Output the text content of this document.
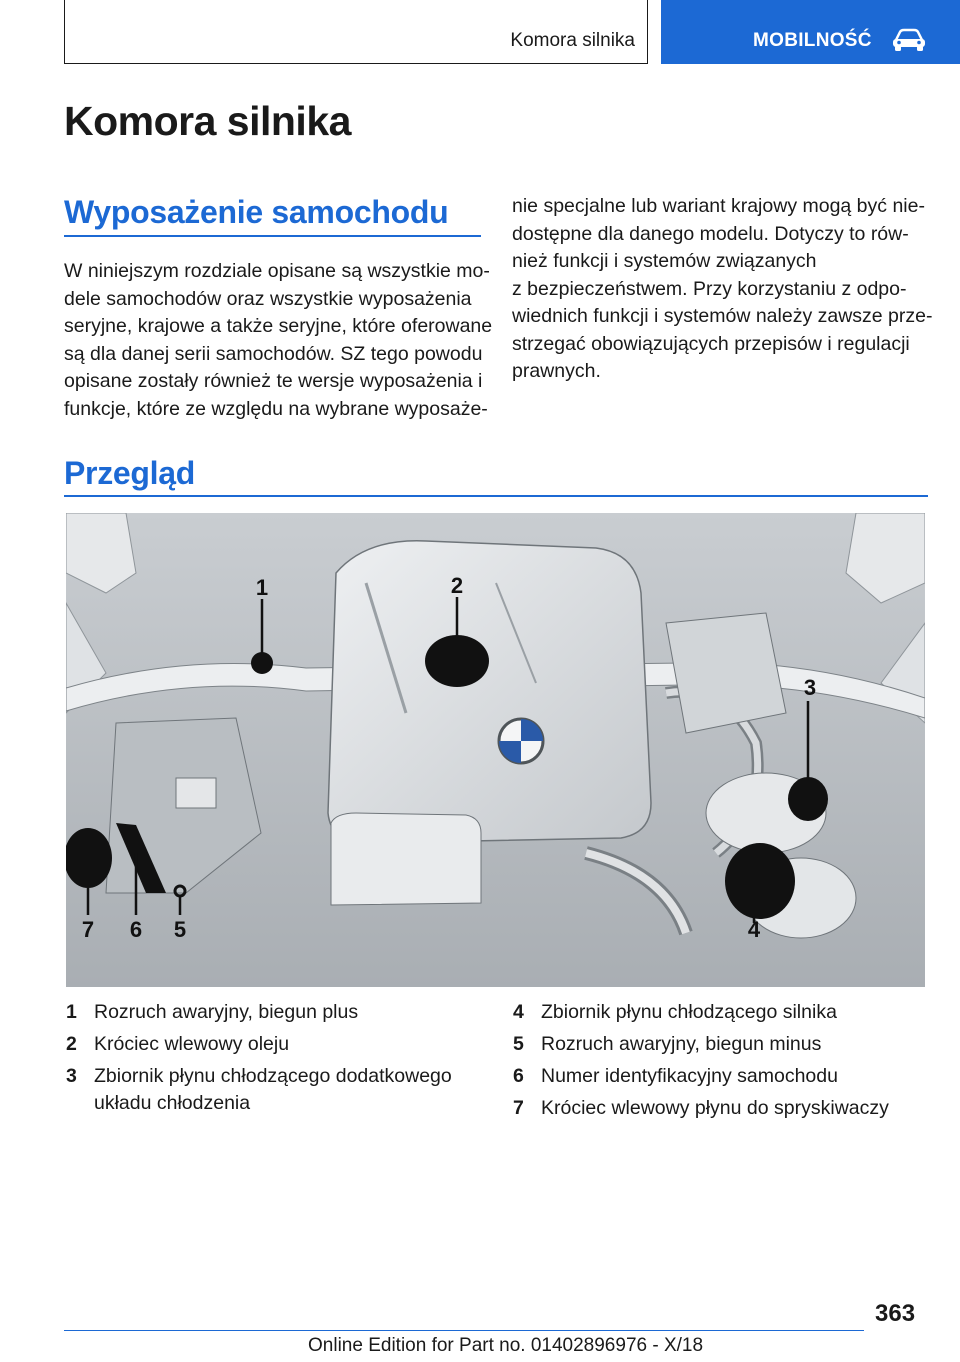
Komora silnika	MOBILNOŚĆ
Komora silnika
Wyposażenie samochodu
W niniejszym rozdziale opisane są wszystkie mo‐
dele samochodów oraz wszystkie wyposażenia
seryjne, krajowe a także seryjne, które oferowane
są dla danej serii samochodów. SZ tego powodu
opisane zostały również te wersje wyposażenia i
funkcje, które ze względu na wybrane wyposaże‐
nie specjalne lub wariant krajowy mogą być nie‐
dostępne dla danego modelu. Dotyczy to rów‐
nież funkcji i systemów związanych
z bezpieczeństwem. Przy korzystaniu z odpo‐
wiednich funkcji i systemów należy zawsze prze‐
strzegać obowiązujących przepisów i regulacji
prawnych.
Przegląd
1	2
3
4
5
6
7
1 Rozruch awaryjny, biegun plus
2 Króciec wlewowy oleju
3 Zbiornik płynu chłodzącego dodatkowego
układu chłodzenia
4 Zbiornik płynu chłodzącego silnika
5 Rozruch awaryjny, biegun minus
6 Numer identyfikacyjny samochodu
7 Króciec wlewowy płynu do spryskiwaczy
363
Online Edition for Part no. 01402896976 - X/18
